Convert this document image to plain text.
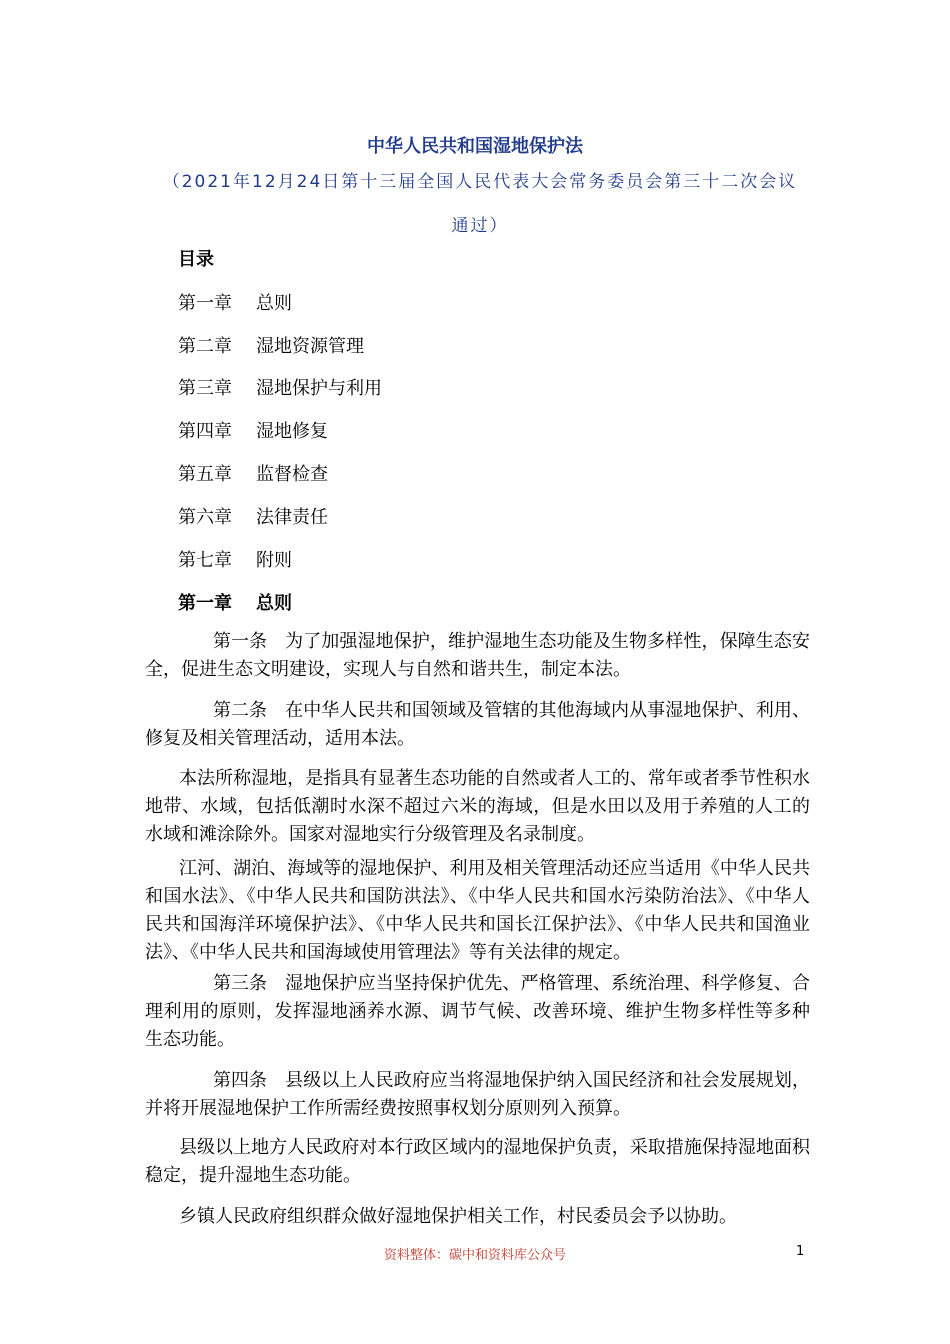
中华人民共和国湿地保护法
（2021年12月24日第十三届全国人民代表大会常务委员会第三十二次会议通过）
目录
第一章 总则
第二章 湿地资源管理
第三章 湿地保护与利用
第四章 湿地修复
第五章 监督检查
第六章 法律责任
第七章 附则
第一章 总则
第一条 为了加强湿地保护，维护湿地生态功能及生物多样性，保障生态安全，促进生态文明建设，实现人与自然和谐共生，制定本法。
第二条 在中华人民共和国领域及管辖的其他海域内从事湿地保护、利用、修复及相关管理活动，适用本法。
本法所称湿地，是指具有显著生态功能的自然或者人工的、常年或者季节性积水地带、水域，包括低潮时水深不超过六米的海域，但是水田以及用于养殖的人工的水域和滩涂除外。国家对湿地实行分级管理及名录制度。
江河、湖泊、海域等的湿地保护、利用及相关管理活动还应当适用《中华人民共和国水法》、《中华人民共和国防洪法》、《中华人民共和国水污染防治法》、《中华人民共和国海洋环境保护法》、《中华人民共和国长江保护法》、《中华人民共和国渔业法》、《中华人民共和国海域使用管理法》等有关法律的规定。
第三条 湿地保护应当坚持保护优先、严格管理、系统治理、科学修复、合理利用的原则，发挥湿地涵养水源、调节气候、改善环境、维护生物多样性等多种生态功能。
第四条 县级以上人民政府应当将湿地保护纳入国民经济和社会发展规划，并将开展湿地保护工作所需经费按照事权划分原则列入预算。
县级以上地方人民政府对本行政区域内的湿地保护负责，采取措施保持湿地面积稳定，提升湿地生态功能。
乡镇人民政府组织群众做好湿地保护相关工作，村民委员会予以协助。
资料整体：碳中和资料库公众号	1
